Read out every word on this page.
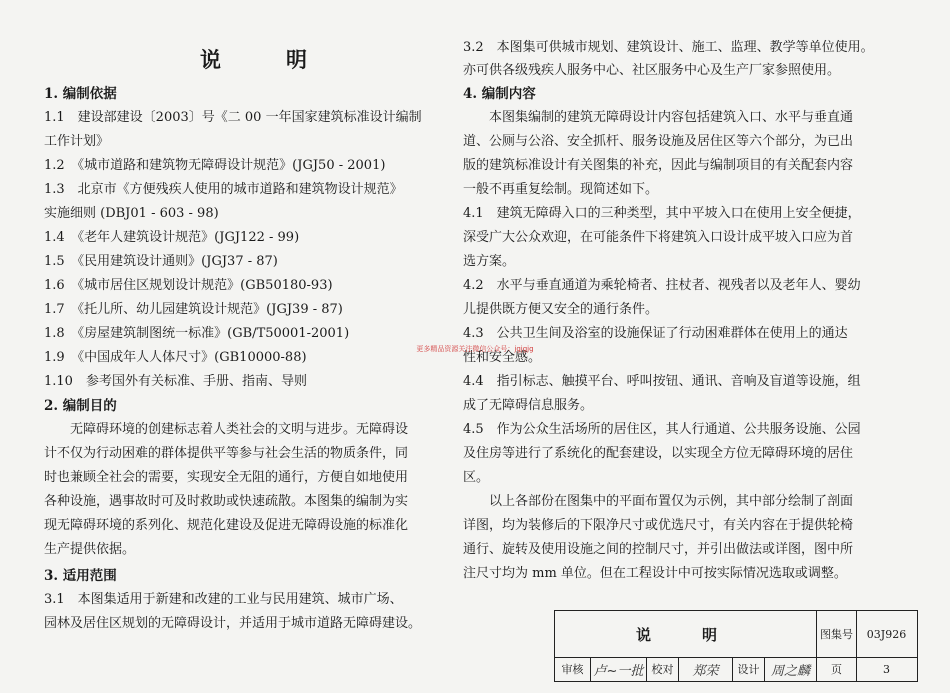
说　明
1. 编制依据
1.1　建设部建设〔2003〕号《二 00 一年国家建筑标准设计编制
工作计划》
1.2　《城市道路和建筑物无障碍设计规范》(JGJ50 - 2001)
1.3　北京市《方便残疾人使用的城市道路和建筑物设计规范》
实施细则 (DBJ01 - 603 - 98)
1.4　《老年人建筑设计规范》(JGJ122 - 99)
1.5　《民用建筑设计通则》(JGJ37 - 87)
1.6　《城市居住区规划设计规范》(GB50180-93)
1.7　《托儿所、幼儿园建筑设计规范》(JGJ39 - 87)
1.8　《房屋建筑制图统一标准》(GB/T50001-2001)
1.9　《中国成年人人体尺寸》(GB10000-88)
1.10　参考国外有关标准、手册、指南、导则
2. 编制目的
　　无障碍环境的创建标志着人类社会的文明与进步。无障碍设
计不仅为行动困难的群体提供平等参与社会生活的物质条件，同
时也兼顾全社会的需要，实现安全无阻的通行，方便自如地使用
各种设施，遇事故时可及时救助或快速疏散。本图集的编制为实
现无障碍环境的系列化、规范化建设及促进无障碍设施的标准化
生产提供依据。
3. 适用范围
3.1　本图集适用于新建和改建的工业与民用建筑、城市广场、
园林及居住区规划的无障碍设计，并适用于城市道路无障碍建设。
3.2　本图集可供城市规划、建筑设计、施工、监理、教学等单位使用。
亦可供各级残疾人服务中心、社区服务中心及生产厂家参照使用。
4. 编制内容
　　本图集编制的建筑无障碍设计内容包括建筑入口、水平与垂直通
道、公厕与公浴、安全抓杆、服务设施及居住区等六个部分，为已出
版的建筑标准设计有关图集的补充，因此与编制项目的有关配套内容
一般不再重复绘制。现简述如下。
4.1　建筑无障碍入口的三种类型，其中平坡入口在使用上安全便捷，
深受广大公众欢迎，在可能条件下将建筑入口设计成平坡入口应为首
选方案。
4.2　水平与垂直通道为乘轮椅者、拄杖者、视残者以及老年人、婴幼
儿提供既方便又安全的通行条件。
4.3　公共卫生间及浴室的设施保证了行动困难群体在使用上的通达
性和安全感。
4.4　指引标志、触摸平台、呼叫按钮、通讯、音响及盲道等设施，组
成了无障碍信息服务。
4.5　作为公众生活场所的居住区，其人行通道、公共服务设施、公园
及住房等进行了系统化的配套建设，以实现全方位无障碍环境的居住
区。
　　以上各部份在图集中的平面布置仅为示例，其中部分绘制了剖面
详图，均为装修后的下限净尺寸或优选尺寸，有关内容在于提供轮椅
通行、旋转及使用设施之间的控制尺寸，并引出做法或详图，图中所
注尺寸均为 mm 单位。但在工程设计中可按实际情况选取或调整。
更多精品资源关注微信公众号：jgjgjg
说　明	图集号 03J926
审核 卢~一批 校对 郑荣 设计 周之麟 页	3
